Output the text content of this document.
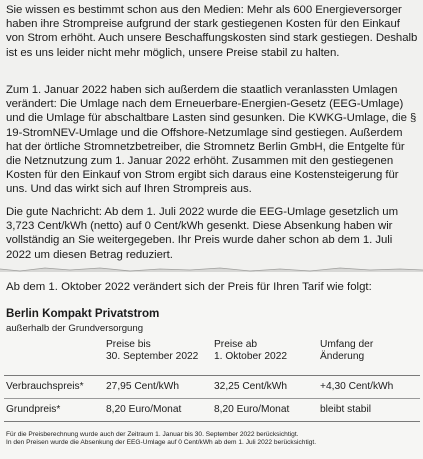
Sie wissen es bestimmt schon aus den Medien: Mehr als 600 Energieversorger haben ihre Strompreise aufgrund der stark gestiegenen Kosten für den Einkauf von Strom erhöht. Auch unsere Beschaffungskosten sind stark gestiegen. Deshalb ist es uns leider nicht mehr möglich, unsere Preise stabil zu halten.

Zum 1. Januar 2022 haben sich außerdem die staatlich veranlassten Umlagen verändert: Die Umlage nach dem Erneuerbare-Energien-Gesetz (EEG-Umlage) und die Umlage für abschaltbare Lasten sind gesunken. Die KWKG-Umlage, die § 19-StromNEV-Umlage und die Offshore-Netzumlage sind gestiegen. Außerdem hat der örtliche Stromnetzbetreiber, die Stromnetz Berlin GmbH, die Entgelte für die Netznutzung zum 1. Januar 2022 erhöht. Zusammen mit den gestiegenen Kosten für den Einkauf von Strom ergibt sich daraus eine Kostensteigerung für uns. Und das wirkt sich auf Ihren Strompreis aus.

Die gute Nachricht: Ab dem 1. Juli 2022 wurde die EEG-Umlage gesetzlich um 3,723 Cent/kWh (netto) auf 0 Cent/kWh gesenkt. Diese Absenkung haben wir vollständig an Sie weitergegeben. Ihr Preis wurde daher schon ab dem 1. Juli 2022 um diesen Betrag reduziert.

Ab dem 1. Oktober 2022 verändert sich der Preis für Ihren Tarif wie folgt:

Berlin Kompakt Privatstrom

außerhalb der Grundversorgung

	Preise bis
30. September 2022	Preise ab
1. Oktober 2022	Umfang der
Änderung
Verbrauchspreis*	27,95 Cent/kWh	32,25 Cent/kWh	+4,30 Cent/kWh
Grundpreis*	8,20 Euro/Monat	8,20 Euro/Monat	bleibt stabil

Für die Preisberechnung wurde auch der Zeitraum 1. Januar bis 30. September 2022 berücksichtigt.

In den Preisen wurde die Absenkung der EEG-Umlage auf 0 Cent/kWh ab dem 1. Juli 2022 berücksichtigt.
